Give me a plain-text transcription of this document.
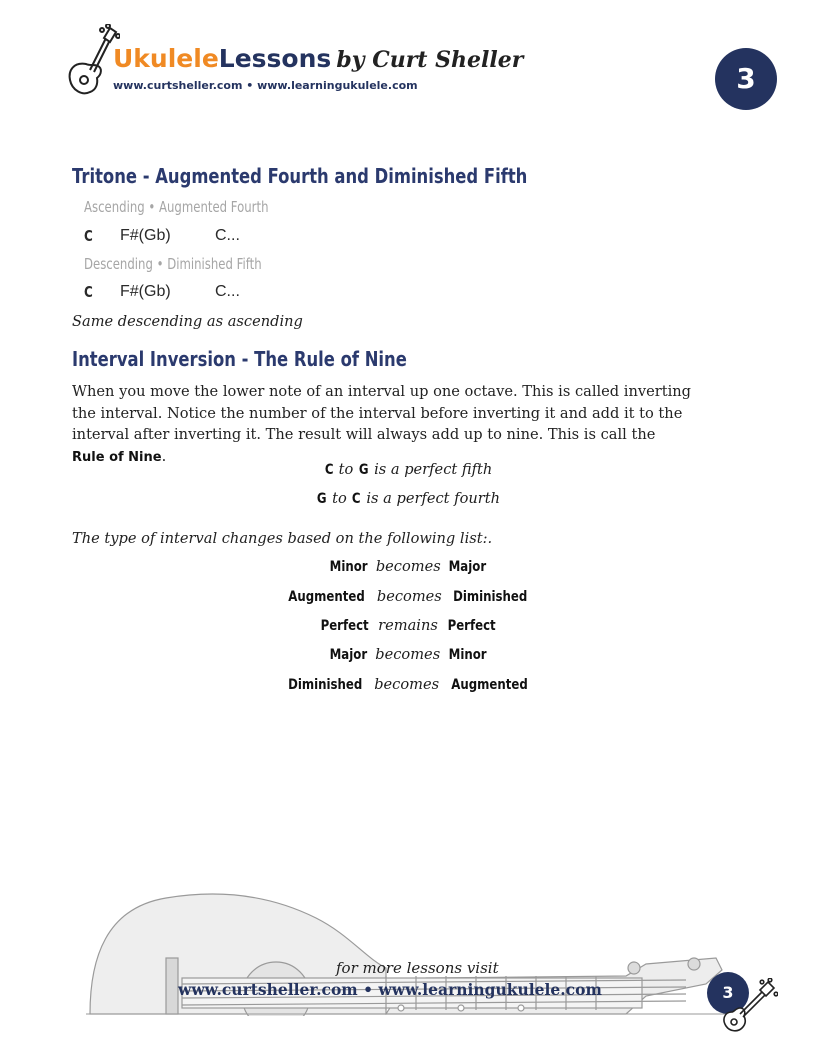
UkuleleLessons by Curt Sheller
www.curtsheller.com • www.learningukulele.com	3
Tritone - Augmented Fourth and Diminished Fifth
Ascending • Augmented Fourth
C F#(Gb)	C...
Descending • Diminished Fifth
C F#(Gb)	C...
Same descending as ascending
Interval Inversion - The Rule of Nine
When you move the lower note of an interval up one octave. This is called inverting the interval. Notice the number of the interval before inverting it and add it to the interval after inverting it. The result will always add up to nine. This is call the Rule of Nine.
C to G is a perfect fifth
G to C is a perfect fourth
The type of interval changes based on the following list:.
Minor becomes Major
Augmented becomes Diminished
Perfect remains Perfect
Major becomes Minor
Diminished becomes Augmented
for more lessons visit
www.curtsheller.com • www.learningukulele.com	3
